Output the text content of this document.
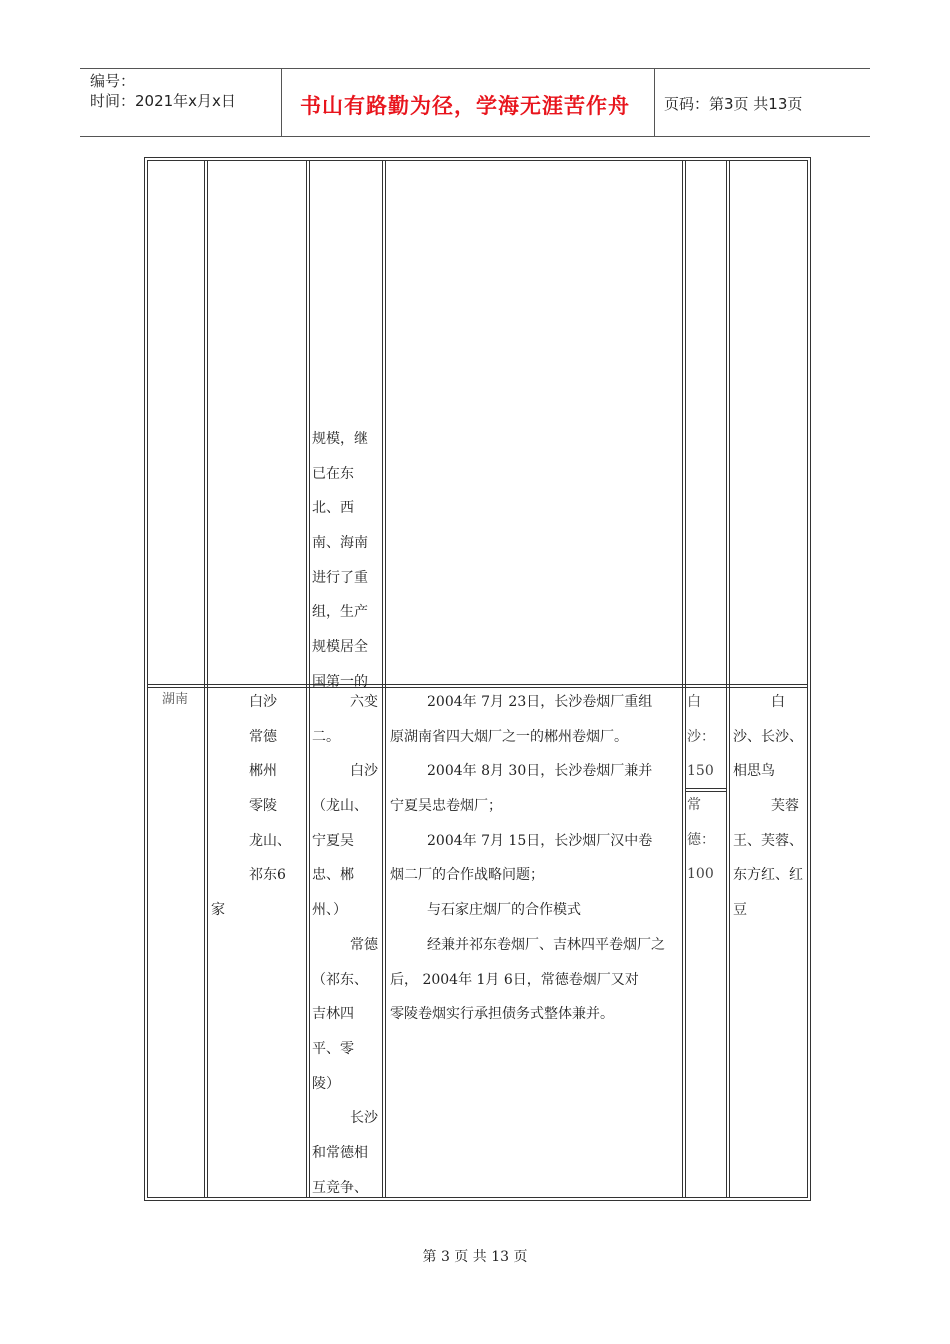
编号：
时间：2021年x月x日	书山有路勤为径，学海无涯苦作舟 页码：第3页 共13页
规模，继
已在东
北、西
南、海南
进行了重
组，生产
规模居全
国第一的
湖南	白沙
常德
郴州
零陵
龙山、
祁东6
家
六变
二。
白沙
（龙山、
宁夏吴
忠、郴
州、）
常德
（祁东、
吉林四
平、零
陵）
长沙
和常德相
互竞争、
2004年 7月 23日，长沙卷烟厂重组
原湖南省四大烟厂之一的郴州卷烟厂。
2004年 8月 30日，长沙卷烟厂兼并
宁夏吴忠卷烟厂；
2004年 7月 15日，长沙烟厂汉中卷
烟二厂的合作战略问题；
与石家庄烟厂的合作模式
经兼并祁东卷烟厂、吉林四平卷烟厂之
后， 2004年 1月 6日，常德卷烟厂又对
零陵卷烟实行承担债务式整体兼并。
白
沙：
150
常
德：
100
白
沙、长沙、
相思鸟
芙蓉
王、芙蓉、
东方红、红
豆
第 3 页 共 13 页
